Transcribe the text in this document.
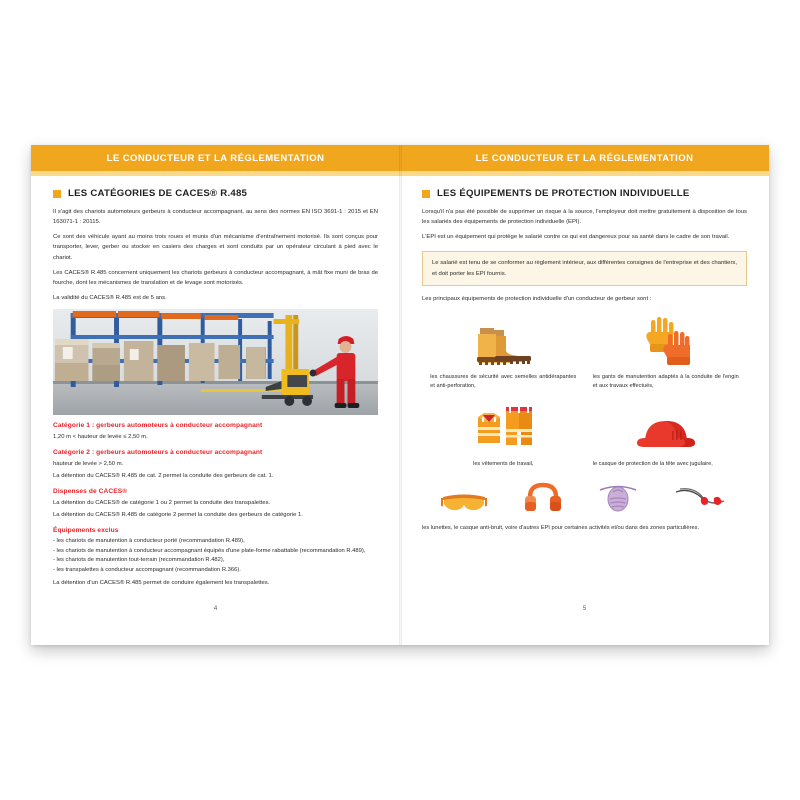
LE CONDUCTEUR ET LA RÉGLEMENTATION
LES CATÉGORIES DE CACES® R.485

Il s'agit des chariots automoteurs gerbeurs à conducteur accompagnant, au sens des normes EN ISO 3691-1 : 2015 et EN 163071-1 : 20115.

Ce sont des véhicule ayant au moins trois roues et munis d'un mécanisme d'entraînement motorisé. Ils sont conçus pour transporter, lever, gerber ou stocker en casiers des charges et sont conduits par un opérateur circulant à pied avec le chariot.

Les CACES® R.485 concernent uniquement les chariots gerbeurs à conducteur accompagnant, à mât fixe muni de bras de fourche, dont les mécanismes de translation et de levage sont motorisés.

La validité du CACES® R.485 est de 5 ans.

Catégorie 1 : gerbeurs automoteurs à conducteur accompagnant

1,20 m < hauteur de levée ≤ 2,50 m.

Catégorie 2 : gerbeurs automoteurs à conducteur accompagnant

hauteur de levée > 2,50 m.

La détention du CACES® R.485 de cat. 2 permet la conduite des gerbeurs de cat. 1.

Dispenses de CACES®

La détention du CACES® de catégorie 1 ou 2 permet la conduite des transpalettes.

La détention du CACES® R.485 de catégorie 2 permet la conduite des gerbeurs de catégorie 1.

Équipements exclus
- les chariots de manutention à conducteur porté (recommandation R.489),
- les chariots de manutention à conducteur accompagnant équipés d'une plate-forme rabattable (recommandation R.489),
- les chariots de manutention tout-terrain (recommandation R.482),
- les transpalettes à conducteur accompagnant (recommandation R.366).

La détention d'un CACES® R.485 permet de conduire également les transpalettes.

4
LE CONDUCTEUR ET LA RÉGLEMENTATION
LES ÉQUIPEMENTS DE PROTECTION INDIVIDUELLE

Lorsqu'il n'a pas été possible de supprimer un risque à la source, l'employeur doit mettre gratuitement à disposition de tous les salariés des équipements de protection individuelle (EPI).

L'EPI est un équipement qui protège le salarié contre ce qui est dangereux pour sa santé dans le cadre de son travail.

Le salarié est tenu de se conformer au règlement intérieur, aux différentes consignes de l'entreprise et des chantiers, et doit porter les EPI fournis.

Les principaux équipements de protection individuelle d'un conducteur de gerbeur sont :

les chaussures de sécurité avec semelles antidérapantes et anti-perforation,
les gants de manutention adaptés à la conduite de l'engin et aux travaux effectués,
les vêtements de travail,	le casque de protection de la tête avec jugulaire,

les lunettes, le casque anti-bruit, voire d'autres EPI pour certaines activités et/ou dans des zones particulières.

5
